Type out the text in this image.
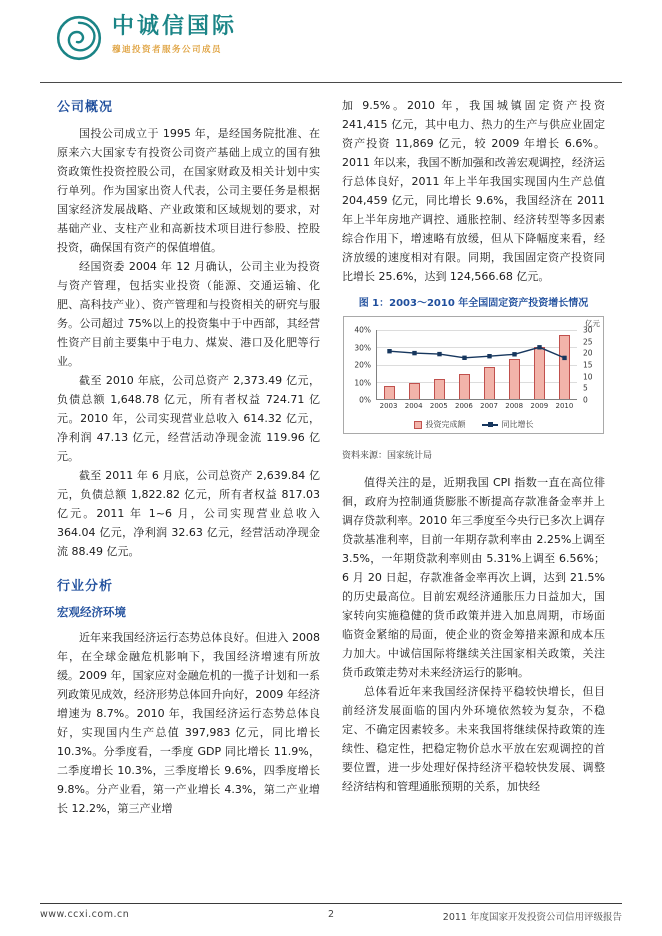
中诚信国际
穆迪投资者服务公司成员
公司概况

国投公司成立于 1995 年，是经国务院批准、在原来六大国家专有投资公司资产基础上成立的国有独资政策性投资控股公司，在国家财政及相关计划中实行单列。作为国家出资人代表，公司主要任务是根据国家经济发展战略、产业政策和区域规划的要求，对基础产业、支柱产业和高新技术项目进行参股、控股投资，确保国有资产的保值增值。

经国资委 2004 年 12 月确认，公司主业为投资与资产管理，包括实业投资（能源、交通运输、化肥、高科技产业）、资产管理和与投资相关的研究与服务。公司超过 75%以上的投资集中于中西部，其经营性资产目前主要集中于电力、煤炭、港口及化肥等行业。

截至 2010 年底，公司总资产 2,373.49 亿元，负债总额 1,648.78 亿元，所有者权益 724.71 亿元。2010 年，公司实现营业总收入 614.32 亿元，净利润 47.13 亿元，经营活动净现金流 119.96 亿元。

截至 2011 年 6 月底，公司总资产 2,639.84 亿元，负债总额 1,822.82 亿元，所有者权益 817.03 亿元。2011 年 1~6 月，公司实现营业总收入 364.04 亿元，净利润 32.63 亿元，经营活动净现金流 88.49 亿元。

行业分析
宏观经济环境

近年来我国经济运行态势总体良好。但进入 2008 年，在全球金融危机影响下，我国经济增速有所放缓。2009 年，国家应对金融危机的一揽子计划和一系列政策见成效，经济形势总体回升向好，2009 年经济增速为 8.7%。2010 年，我国经济运行态势总体良好，实现国内生产总值 397,983 亿元，同比增长 10.3%。分季度看，一季度 GDP 同比增长 11.9%，二季度增长 10.3%，三季度增长 9.6%，四季度增长 9.8%。分产业看，第一产业增长 4.3%，第二产业增长 12.2%，第三产业增

加 9.5%。2010 年，我国城镇固定资产投资 241,415 亿元，其中电力、热力的生产与供应业固定资产投资 11,869 亿元，较 2009 年增长 6.6%。2011 年以来，我国不断加强和改善宏观调控，经济运行总体良好，2011 年上半年我国实现国内生产总值 204,459 亿元，同比增长 9.6%，我国经济在 2011 年上半年房地产调控、通胀控制、经济转型等多因素综合作用下，增速略有放缓，但从下降幅度来看，经济放缓的速度相对有限。同期，我国固定资产投资同比增长 25.6%，达到 124,566.68 亿元。

图 1：2003～2010 年全国固定资产投资增长情况
亿元
40%
30%
20%
10%
0%
30
25
20
15
10
5
0
2003	2004	2005	2006	2007	2008	2009	2010
投资完成额	同比增长
资料来源：国家统计局

值得关注的是，近期我国 CPI 指数一直在高位徘徊，政府为控制通货膨胀不断提高存款准备金率并上调存贷款利率。2010 年三季度至今央行已多次上调存贷款基准利率，目前一年期存款利率由 2.25%上调至 3.5%，一年期贷款利率则由 5.31%上调至 6.56%；6 月 20 日起，存款准备金率再次上调，达到 21.5%的历史最高位。目前宏观经济通胀压力日益加大，国家转向实施稳健的货币政策并进入加息周期，市场面临资金紧缩的局面，使企业的资金筹措来源和成本压力加大。中诚信国际将继续关注国家相关政策，关注货币政策走势对未来经济运行的影响。

总体看近年来我国经济保持平稳较快增长，但目前经济发展面临的国内外环境依然较为复杂，不稳定、不确定因素较多。未来我国将继续保持政策的连续性、稳定性，把稳定物价总水平放在宏观调控的首要位置，进一步处理好保持经济平稳较快发展、调整经济结构和管理通胀预期的关系，加快经

www.ccxi.com.cn	2	2011 年度国家开发投资公司信用评级报告
